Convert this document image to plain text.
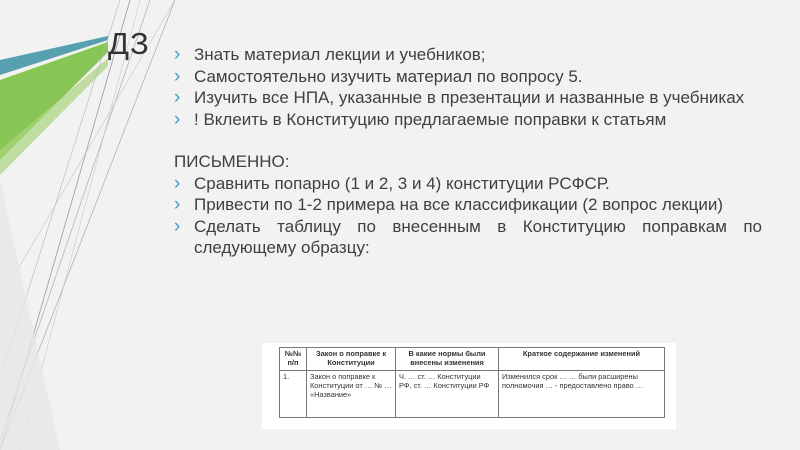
ДЗ	› Знать материал лекции и учебников;
› Самостоятельно изучить материал по вопросу 5.
› Изучить все НПА, указанные в презентации и названные в учебниках
› ! Вклеить в Конституцию предлагаемые поправки к статьям
ПИСЬМЕННО:
› Сравнить попарно (1 и 2, 3 и 4) конституции РСФСР.
› Привести по 1-2 примера на все классификации (2 вопрос лекции)
› Сделать таблицу по внесенным в Конституцию поправкам по следующему образцу:
№№ п/п	Закон о поправке к Конституции	В какие нормы были внесены изменения	Краткое содержание изменений
1.	Закон о поправке к Конституции от … № … «Название»	Ч. … ст. … Конституции РФ, ст. … Конституции РФ	Изменился срок … … были расширены полномочия … - предоставлено право …
